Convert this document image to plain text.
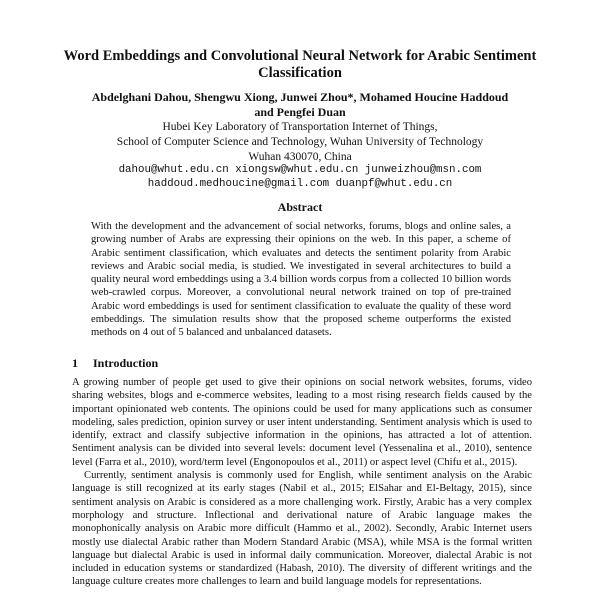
Word Embeddings and Convolutional Neural Network for Arabic Sentiment Classification
Abdelghani Dahou, Shengwu Xiong, Junwei Zhou*, Mohamed Houcine Haddoud
and Pengfei Duan
Hubei Key Laboratory of Transportation Internet of Things,
School of Computer Science and Technology, Wuhan University of Technology
Wuhan 430070, China
dahou@whut.edu.cn xiongsw@whut.edu.cn junweizhou@msn.com
haddoud.medhoucine@gmail.com duanpf@whut.edu.cn
Abstract
With the development and the advancement of social networks, forums, blogs and online sales, a growing number of Arabs are expressing their opinions on the web. In this paper, a scheme of Arabic sentiment classification, which evaluates and detects the sentiment polarity from Arabic reviews and Arabic social media, is studied. We investigated in several architectures to build a quality neural word embeddings using a 3.4 billion words corpus from a collected 10 billion words web-crawled corpus. Moreover, a convolutional neural network trained on top of pre-trained Arabic word embeddings is used for sentiment classification to evaluate the quality of these word embeddings. The simulation results show that the proposed scheme outperforms the existed methods on 4 out of 5 balanced and unbalanced datasets.
1 Introduction

A growing number of people get used to give their opinions on social network websites, forums, video sharing websites, blogs and e-commerce websites, leading to a most rising research fields caused by the important opinionated web contents. The opinions could be used for many applications such as consumer modeling, sales prediction, opinion survey or user intent understanding. Sentiment analysis which is used to identify, extract and classify subjective information in the opinions, has attracted a lot of attention. Sentiment analysis can be divided into several levels: document level (Yessenalina et al., 2010), sentence level (Farra et al., 2010), word/term level (Engonopoulos et al., 2011) or aspect level (Chifu et al., 2015).

Currently, sentiment analysis is commonly used for English, while sentiment analysis on the Arabic language is still recognized at its early stages (Nabil et al., 2015; ElSahar and El-Beltagy, 2015), since sentiment analysis on Arabic is considered as a more challenging work. Firstly, Arabic has a very complex morphology and structure. Inflectional and derivational nature of Arabic language makes the monophonically analysis on Arabic more difficult (Hammo et al., 2002). Secondly, Arabic Internet users mostly use dialectal Arabic rather than Modern Standard Arabic (MSA), while MSA is the formal written language but dialectal Arabic is used in informal daily communication. Moreover, dialectal Arabic is not included in education systems or standardized (Habash, 2010). The diversity of different writings and the language culture creates more challenges to learn and build language models for representations.
